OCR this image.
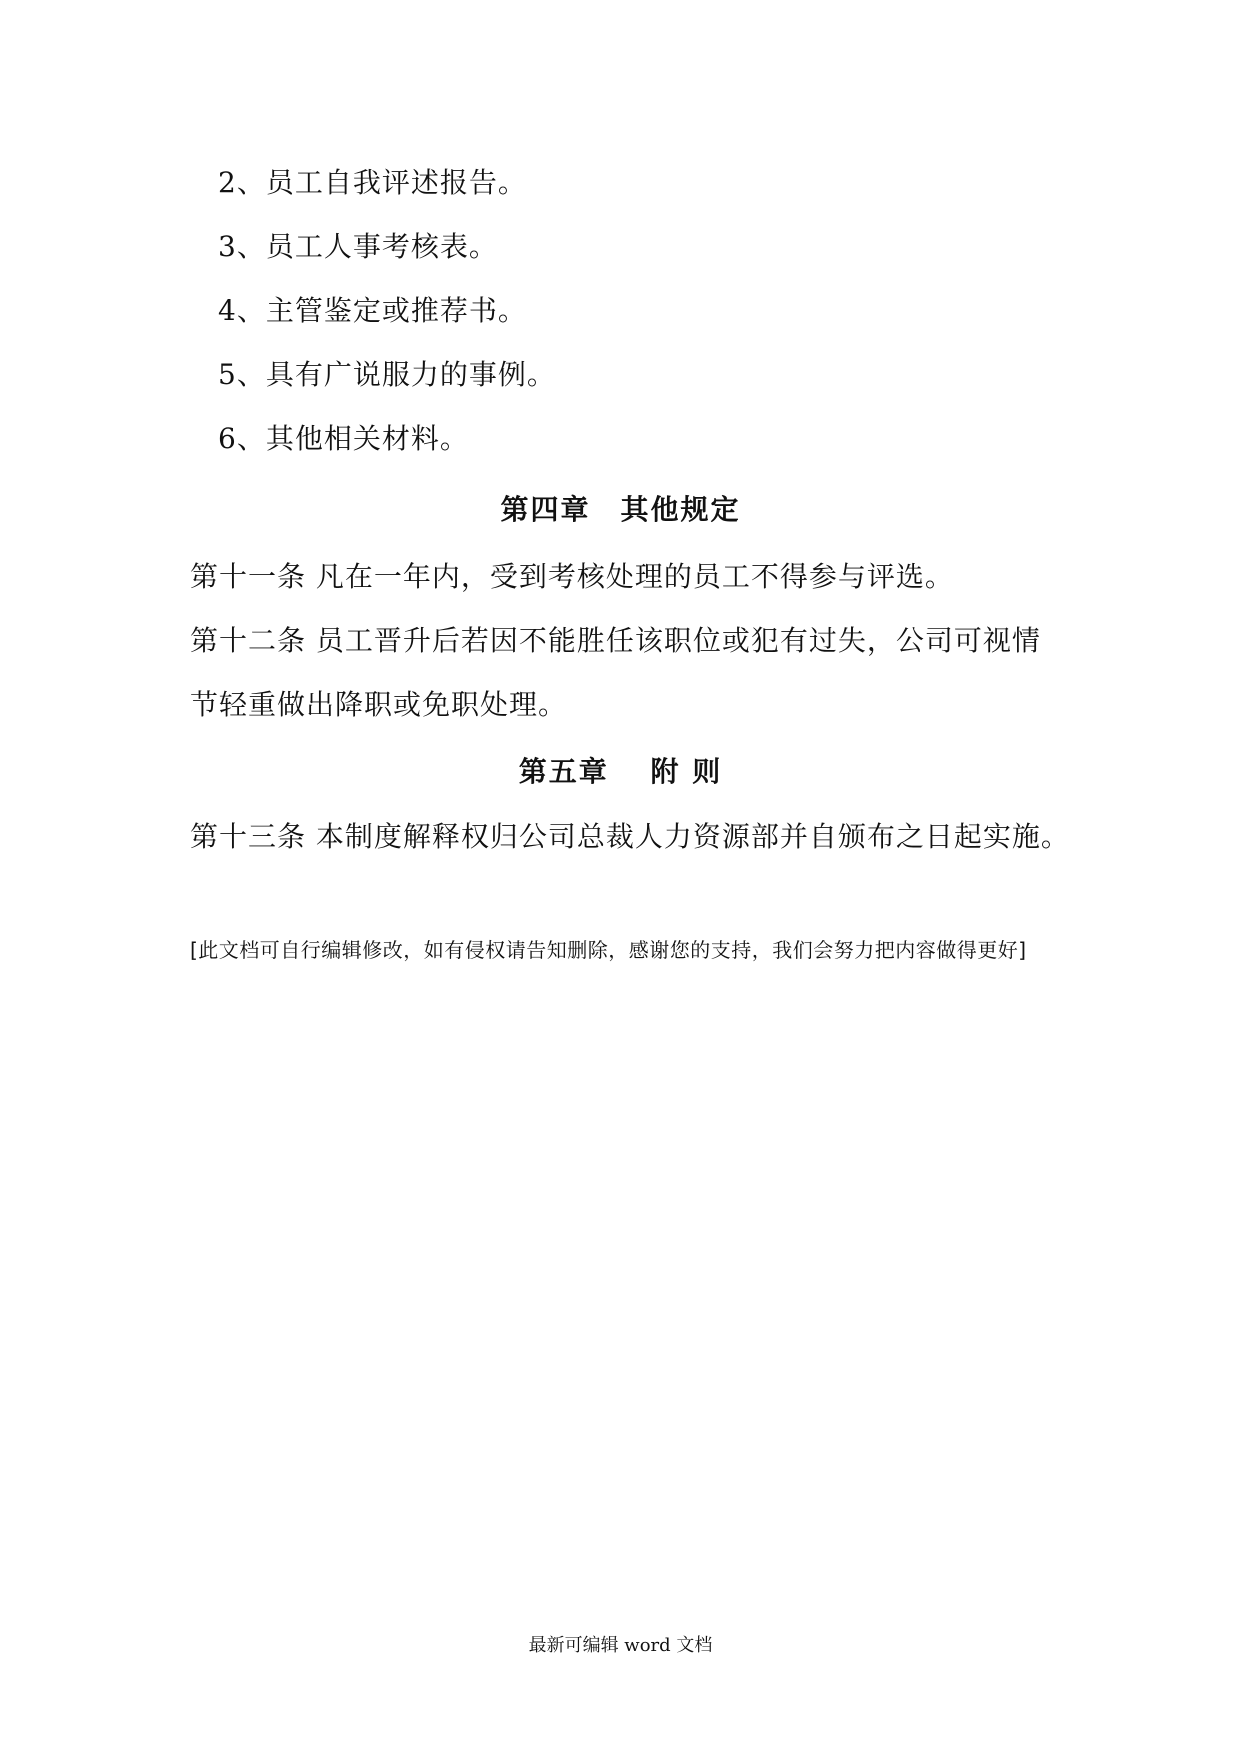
2、员工自我评述报告。
3、员工人事考核表。
4、主管鉴定或推荐书。
5、具有广说服力的事例。
6、其他相关材料。
第四章　其他规定
第十一条 凡在一年内，受到考核处理的员工不得参与评选。
第十二条 员工晋升后若因不能胜任该职位或犯有过失，公司可视情
节轻重做出降职或免职处理。
第五章　 附 则
第十三条 本制度解释权归公司总裁人力资源部并自颁布之日起实施。
[此文档可自行编辑修改，如有侵权请告知删除，感谢您的支持，我们会努力把内容做得更好]
最新可编辑 word 文档
